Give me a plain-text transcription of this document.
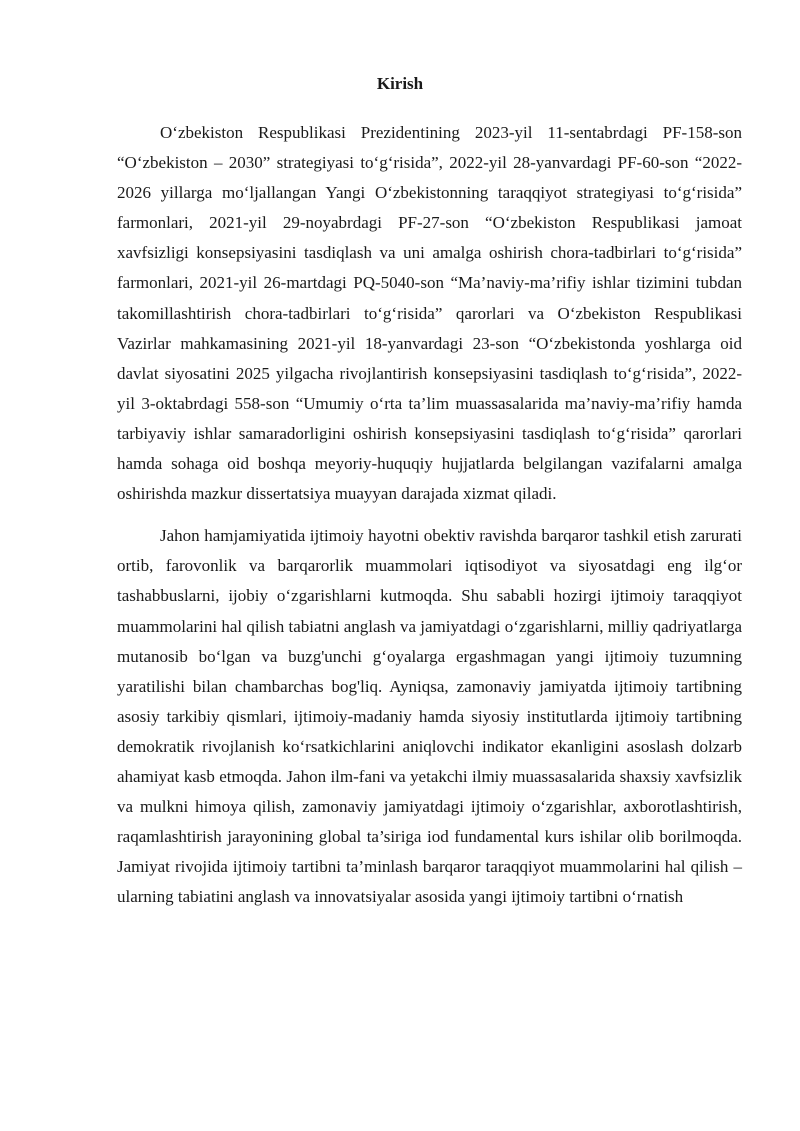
Kirish

O‘zbekiston Respublikasi Prezidentining 2023-yil 11-sentabrdagi PF-158-son “O‘zbekiston – 2030” strategiyasi to‘g‘risida”, 2022-yil 28-yanvardagi PF-60-son “2022-2026 yillarga mo‘ljallangan Yangi O‘zbekistonning taraqqiyot strategiyasi to‘g‘risida” farmonlari, 2021-yil 29-noyabrdagi PF-27-son “O‘zbekiston Respublikasi jamoat xavfsizligi konsepsiyasini tasdiqlash va uni amalga oshirish chora-tadbirlari to‘g‘risida” farmonlari, 2021-yil 26-martdagi PQ-5040-son “Ma’naviy-ma’rifiy ishlar tizimini tubdan takomillashtirish chora-tadbirlari to‘g‘risida” qarorlari va O‘zbekiston Respublikasi Vazirlar mahkamasining 2021-yil 18-yanvardagi 23-son “O‘zbekistonda yoshlarga oid davlat siyosatini 2025 yilgacha rivojlantirish konsepsiyasini tasdiqlash to‘g‘risida”, 2022-yil 3-oktabrdagi 558-son “Umumiy o‘rta ta’lim muassasalarida ma’naviy-ma’rifiy hamda tarbiyaviy ishlar samaradorligini oshirish konsepsiyasini tasdiqlash to‘g‘risida” qarorlari hamda sohaga oid boshqa meyoriy-huquqiy hujjatlarda belgilangan vazifalarni amalga oshirishda mazkur dissertatsiya muayyan darajada xizmat qiladi.

Jahon hamjamiyatida ijtimoiy hayotni obektiv ravishda barqaror tashkil etish zarurati ortib, farovonlik va barqarorlik muammolari iqtisodiyot va siyosatdagi eng ilg‘or tashabbuslarni, ijobiy o‘zgarishlarni kutmoqda. Shu sababli hozirgi ijtimoiy taraqqiyot muammolarini hal qilish tabiatni anglash va jamiyatdagi o‘zgarishlarni, milliy qadriyatlarga mutanosib bo‘lgan va buzg'unchi g‘oyalarga ergashmagan yangi ijtimoiy tuzumning yaratilishi bilan chambarchas bog'liq. Ayniqsa, zamonaviy jamiyatda ijtimoiy tartibning asosiy tarkibiy qismlari, ijtimoiy-madaniy hamda siyosiy institutlarda ijtimoiy tartibning demokratik rivojlanish ko‘rsatkichlarini aniqlovchi indikator ekanligini asoslash dolzarb ahamiyat kasb etmoqda. Jahon ilm-fani va yetakchi ilmiy muassasalarida shaxsiy xavfsizlik va mulkni himoya qilish, zamonaviy jamiyatdagi ijtimoiy o‘zgarishlar, axborotlashtirish, raqamlashtirish jarayonining global ta’siriga iod fundamental kurs ishilar olib borilmoqda. Jamiyat rivojida ijtimoiy tartibni ta’minlash barqaror taraqqiyot muammolarini hal qilish – ularning tabiatini anglash va innovatsiyalar asosida yangi ijtimoiy tartibni o‘rnatish
